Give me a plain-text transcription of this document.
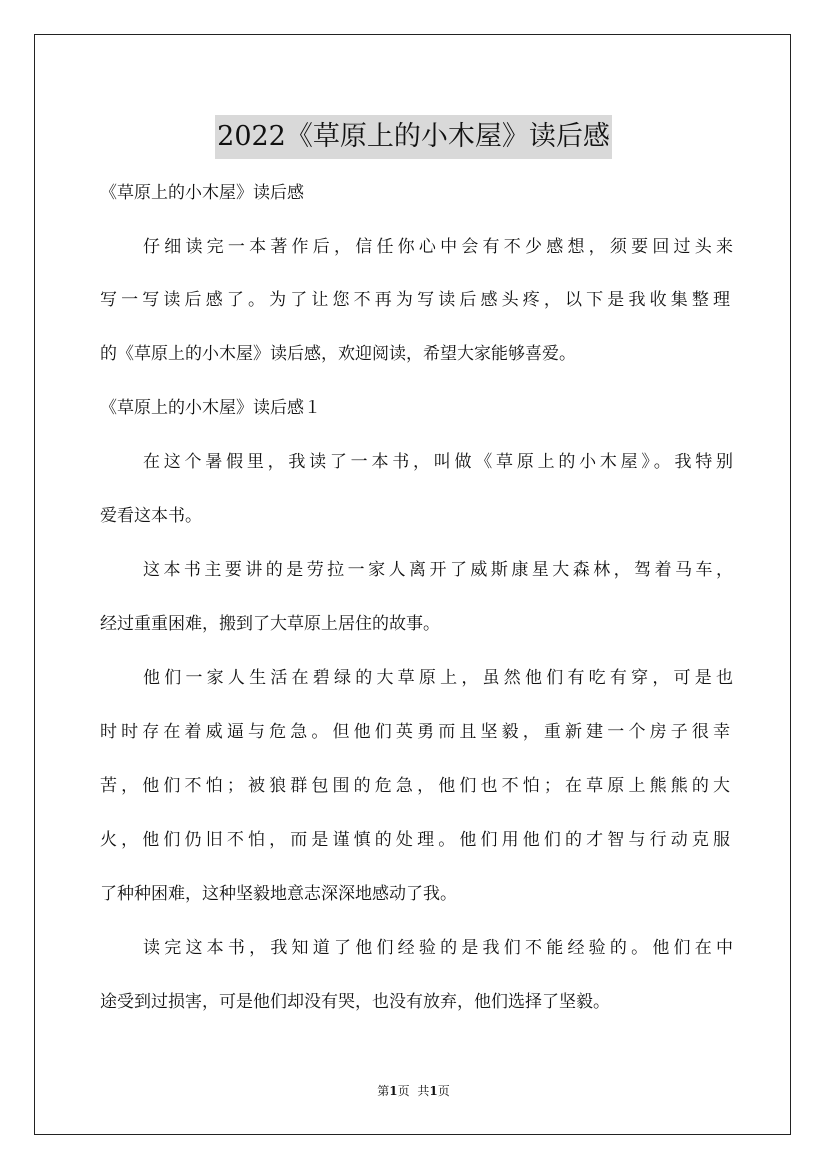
2022《草原上的小木屋》读后感
《草原上的小木屋》读后感
仔细读完一本著作后，信任你心中会有不少感想，须要回过头来
写一写读后感了。为了让您不再为写读后感头疼，以下是我收集整理
的《草原上的小木屋》读后感，欢迎阅读，希望大家能够喜爱。
《草原上的小木屋》读后感１
在这个暑假里，我读了一本书，叫做《草原上的小木屋》。我特别
爱看这本书。
这本书主要讲的是劳拉一家人离开了威斯康星大森林，驾着马车，
经过重重困难，搬到了大草原上居住的故事。
他们一家人生活在碧绿的大草原上，虽然他们有吃有穿，可是也
时时存在着威逼与危急。但他们英勇而且坚毅，重新建一个房子很幸
苦，他们不怕；被狼群包围的危急，他们也不怕；在草原上熊熊的大
火，他们仍旧不怕，而是谨慎的处理。他们用他们的才智与行动克服
了种种困难，这种坚毅地意志深深地感动了我。
读完这本书，我知道了他们经验的是我们不能经验的。他们在中
途受到过损害，可是他们却没有哭，也没有放弃，他们选择了坚毅。
第1页 共1页
